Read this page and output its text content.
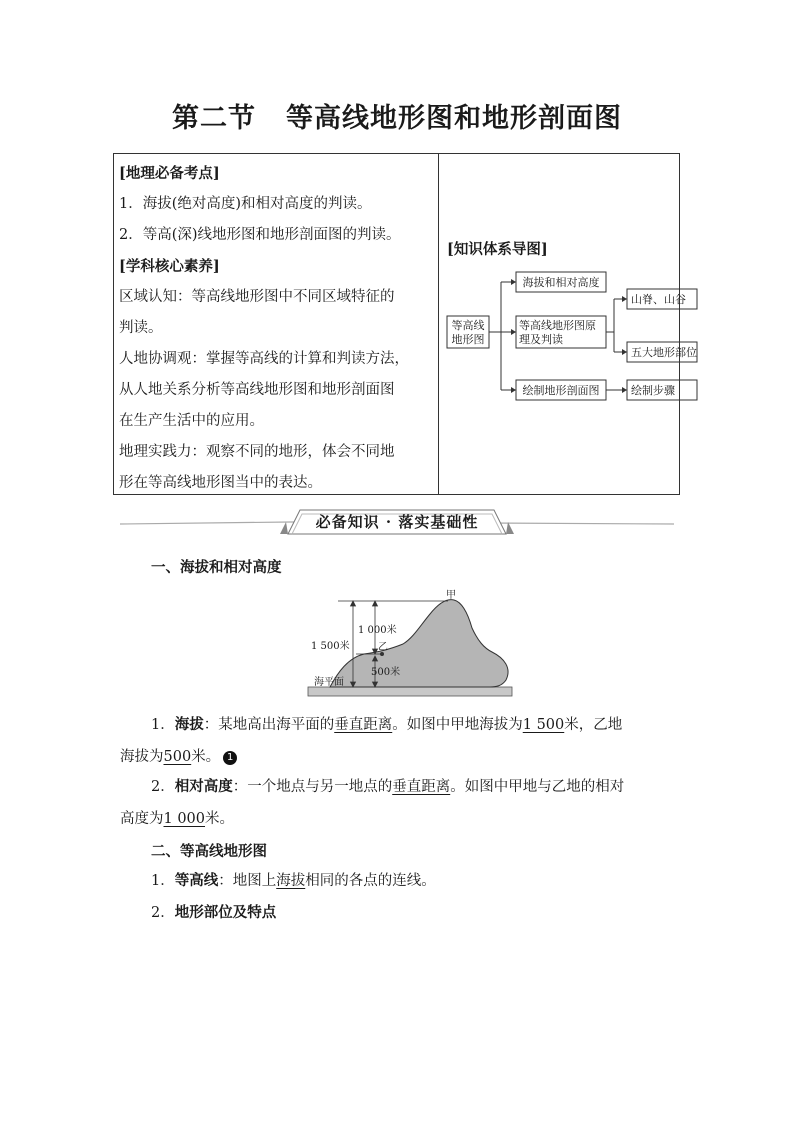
第二节 等高线地形图和地形剖面图
[地理必备考点]
1．海拔(绝对高度)和相对高度的判读。
2．等高(深)线地形图和地形剖面图的判读。
[学科核心素养]
区域认知：等高线地形图中不同区域特征的
判读。
人地协调观：掌握等高线的计算和判读方法，
从人地关系分析等高线地形图和地形剖面图
在生产生活中的应用。
地理实践力：观察不同的地形，体会不同地
形在等高线地形图当中的表达。
[知识体系导图]
等高线
地形图
海拔和相对高度
等高线地形图原
理及判读
绘制地形剖面图
山脊、山谷
五大地形部位
绘制步骤
必备知识 · 落实基础性
一、海拔和相对高度
甲
乙
1 000米
1 500米
500米
海平面
1．海拔：某地高出海平面的垂直距离。如图中甲地海拔为1 500米，乙地
海拔为500米。 1
2．相对高度：一个地点与另一地点的垂直距离。如图中甲地与乙地的相对
高度为1 000米。
二、等高线地形图
1．等高线：地图上海拔相同的各点的连线。
2．地形部位及特点
